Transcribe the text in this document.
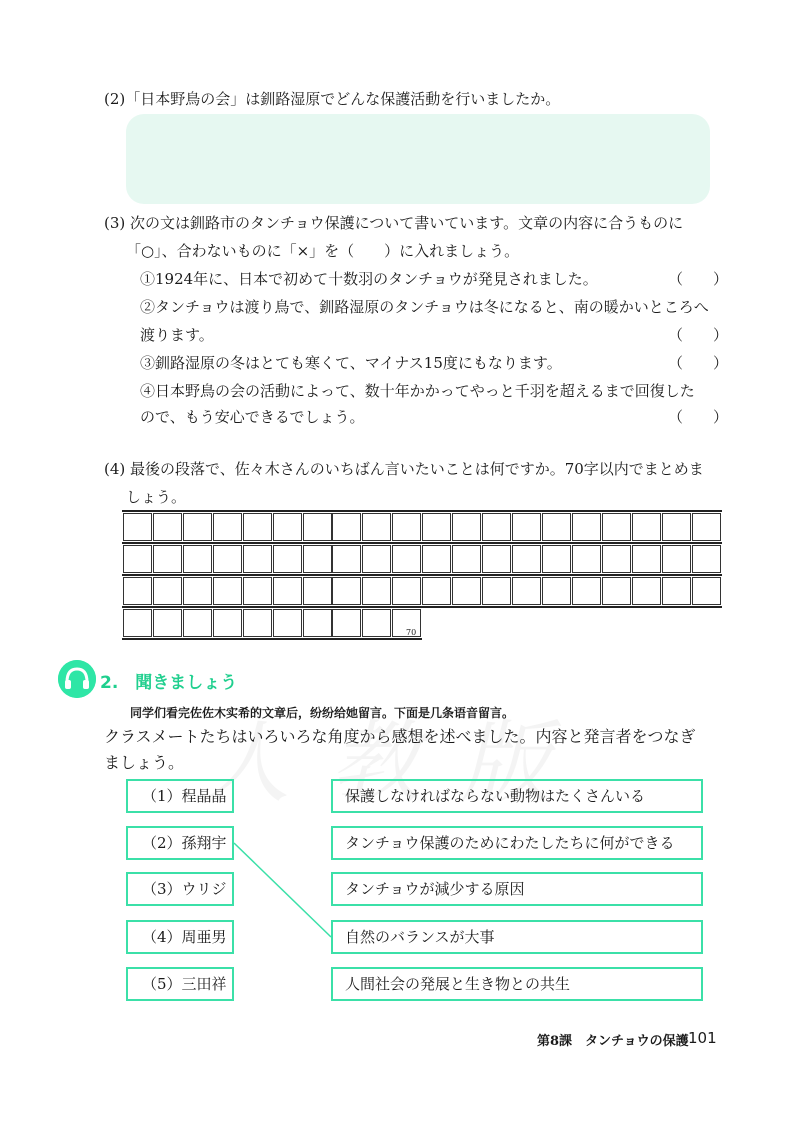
(2)「日本野鳥の会」は釧路湿原でどんな保護活動を行いましたか。
(3) 次の文は釧路市のタンチョウ保護について書いています。文章の内容に合うものに
「○」、合わないものに「×」を（　　）に入れましょう。
①1924年に、日本で初めて十数羽のタンチョウが発見されました。	（　　）
②タンチョウは渡り鳥で、釧路湿原のタンチョウは冬になると、南の暖かいところへ
渡ります。	（　　）
③釧路湿原の冬はとても寒くて、マイナス15度にもなります。	（　　）
④日本野鳥の会の活動によって、数十年かかってやっと千羽を超えるまで回復した
ので、もう安心できるでしょう。	（　　）
(4) 最後の段落で、佐々木さんのいちばん言いたいことは何ですか。70字以内でまとめま
しょう。
70
2.　聞きましょう
同学们看完佐佐木实希的文章后，纷纷给她留言。下面是几条语音留言。
クラスメートたちはいろいろな角度から感想を述べました。内容と発言者をつなぎ
ましょう。
（1）程晶晶
（2）孫翔宇
（3）ウリジ
（4）周亜男
（5）三田祥
保護しなければならない動物はたくさんいる
タンチョウ保護のためにわたしたちに何ができる
タンチョウが減少する原因
自然のバランスが大事
人間社会の発展と生き物との共生
第8課　タンチョウの保護 101
